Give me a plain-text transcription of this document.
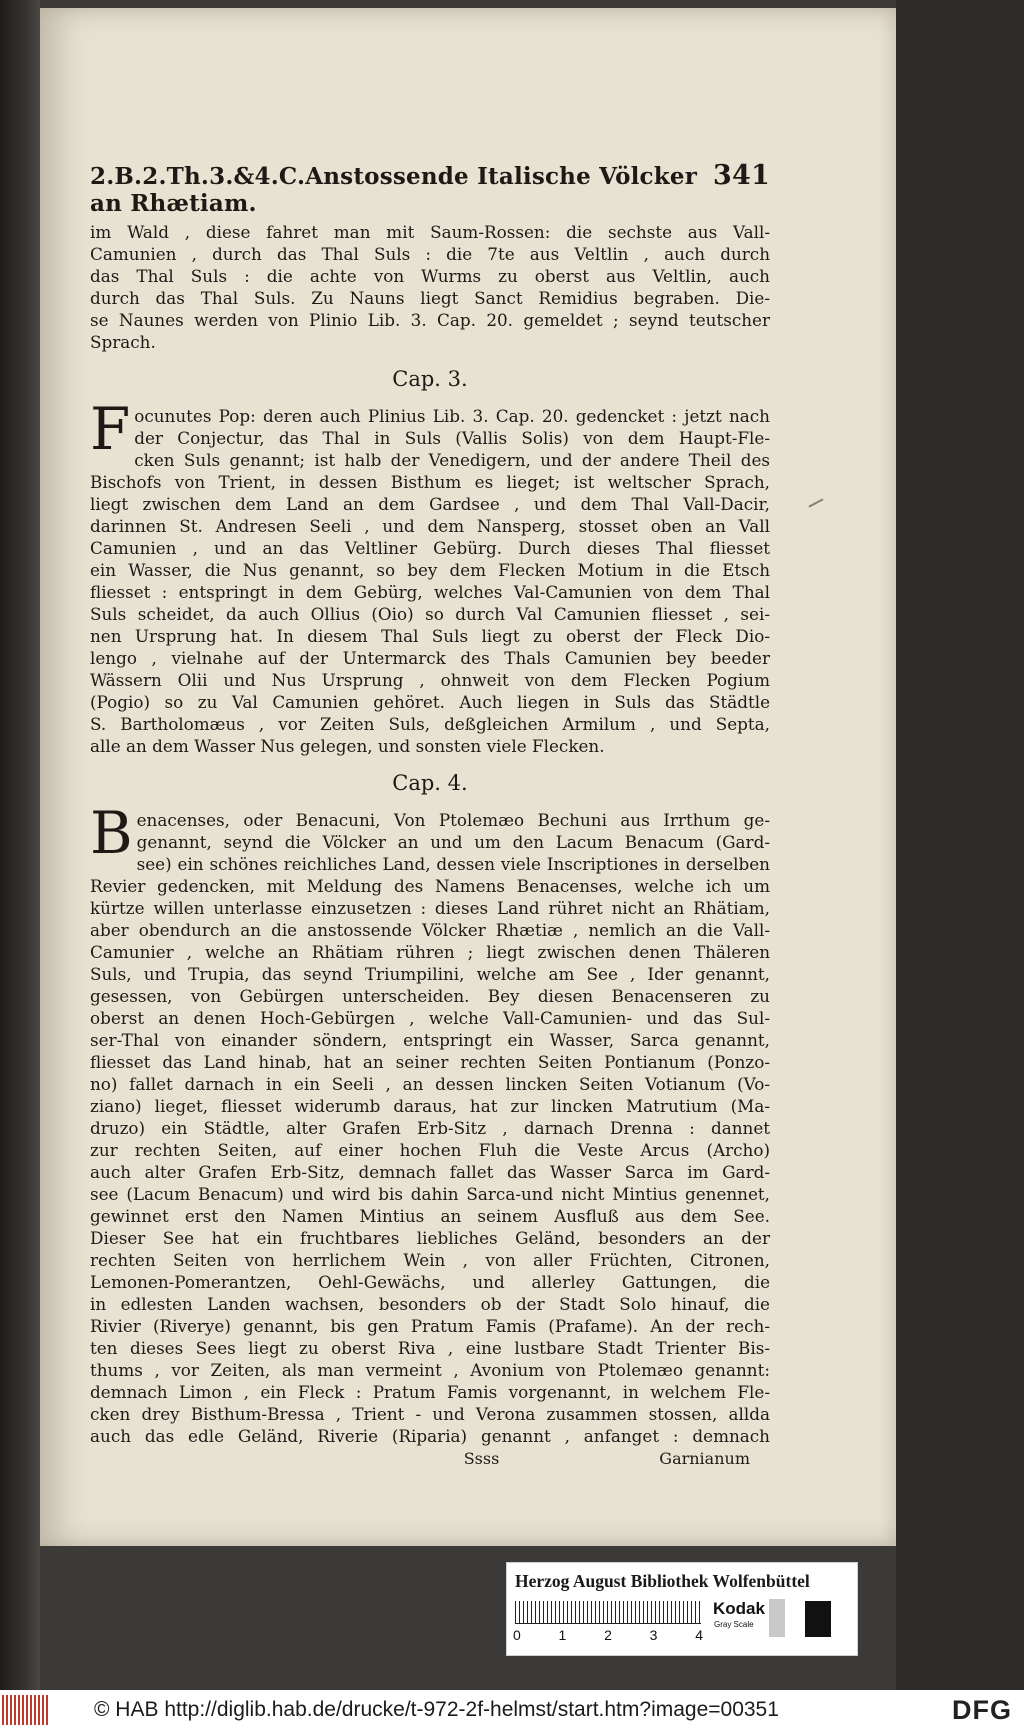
2.B.2.Th.3.&4.C.Anstossende Italische Völcker an Rhætiam.
341

im Wald , diese fahret man mit Saum-Rossen: die sechste aus Vall-
Camunien , durch das Thal Suls : die 7te aus Veltlin , auch durch
das Thal Suls : die achte von Wurms zu oberst aus Veltlin, auch
durch das Thal Suls. Zu Nauns liegt Sanct Remidius begraben. Die-
se Naunes werden von Plinio Lib. 3. Cap. 20. gemeldet ; seynd teutscher
Sprach.

Cap. 3.

F ocunutes Pop: deren auch Plinius Lib. 3. Cap. 20. gedencket : jetzt nach
der Conjectur, das Thal in Suls (Vallis Solis) von dem Haupt-Fle-
cken Suls genannt; ist halb der Venedigern, und der andere Theil des
Bischofs von Trient, in dessen Bisthum es lieget; ist weltscher Sprach,
liegt zwischen dem Land an dem Gardsee , und dem Thal Vall-Dacir,
darinnen St. Andresen Seeli , und dem Nansperg, stosset oben an Vall
Camunien , und an das Veltliner Gebürg. Durch dieses Thal fliesset
ein Wasser, die Nus genannt, so bey dem Flecken Motium in die Etsch
fliesset : entspringt in dem Gebürg, welches Val-Camunien von dem Thal
Suls scheidet, da auch Ollius (Oio) so durch Val Camunien fliesset , sei-
nen Ursprung hat. In diesem Thal Suls liegt zu oberst der Fleck Dio-
lengo , vielnahe auf der Untermarck des Thals Camunien bey beeder
Wässern Olii und Nus Ursprung , ohnweit von dem Flecken Pogium
(Pogio) so zu Val Camunien gehöret. Auch liegen in Suls das Städtle
S. Bartholomæus , vor Zeiten Suls, deßgleichen Armilum , und Septa,
alle an dem Wasser Nus gelegen, und sonsten viele Flecken.

Cap. 4.

B enacenses, oder Benacuni, Von Ptolemæo Bechuni aus Irrthum ge-
genannt, seynd die Völcker an und um den Lacum Benacum (Gard-
see) ein schönes reichliches Land, dessen viele Inscriptiones in derselben
Revier gedencken, mit Meldung des Namens Benacenses, welche ich um
kürtze willen unterlasse einzusetzen : dieses Land rühret nicht an Rhätiam,
aber obendurch an die anstossende Völcker Rhætiæ , nemlich an die Vall-
Camunier , welche an Rhätiam rühren ; liegt zwischen denen Thäleren
Suls, und Trupia, das seynd Triumpilini, welche am See , Ider genannt,
gesessen, von Gebürgen unterscheiden. Bey diesen Benacenseren zu
oberst an denen Hoch-Gebürgen , welche Vall-Camunien- und das Sul-
ser-Thal von einander söndern, entspringt ein Wasser, Sarca genannt,
fliesset das Land hinab, hat an seiner rechten Seiten Pontianum (Ponzo-
no) fallet darnach in ein Seeli , an dessen lincken Seiten Votianum (Vo-
ziano) lieget, fliesset widerumb daraus, hat zur lincken Matrutium (Ma-
druzo) ein Städtle, alter Grafen Erb-Sitz , darnach Drenna : dannet
zur rechten Seiten, auf einer hochen Fluh die Veste Arcus (Archo)
auch alter Grafen Erb-Sitz, demnach fallet das Wasser Sarca im Gard-
see (Lacum Benacum) und wird bis dahin Sarca-und nicht Mintius genennet,
gewinnet erst den Namen Mintius an seinem Ausfluß aus dem See.
Dieser See hat ein fruchtbares liebliches Geländ, besonders an der
rechten Seiten von herrlichem Wein , von aller Früchten, Citronen,
Lemonen-Pomerantzen, Oehl-Gewächs, und allerley Gattungen, die
in edlesten Landen wachsen, besonders ob der Stadt Solo hinauf, die
Rivier (Riverye) genannt, bis gen Pratum Famis (Prafame). An der rech-
ten dieses Sees liegt zu oberst Riva , eine lustbare Stadt Trienter Bis-
thums , vor Zeiten, als man vermeint , Avonium von Ptolemæo genannt:
demnach Limon , ein Fleck : Pratum Famis vorgenannt, in welchem Fle-
cken drey Bisthum-Bressa , Trient - und Verona zusammen stossen, allda
auch das edle Geländ, Riverie (Riparia) genannt , anfanget : demnach

Ssss	Garnianum
Herzog August Bibliothek Wolfenbüttel
0	1	2	3	4
Kodak
Gray Scale
© HAB http://diglib.hab.de/drucke/t-972-2f-helmst/start.htm?image=00351	DFG
